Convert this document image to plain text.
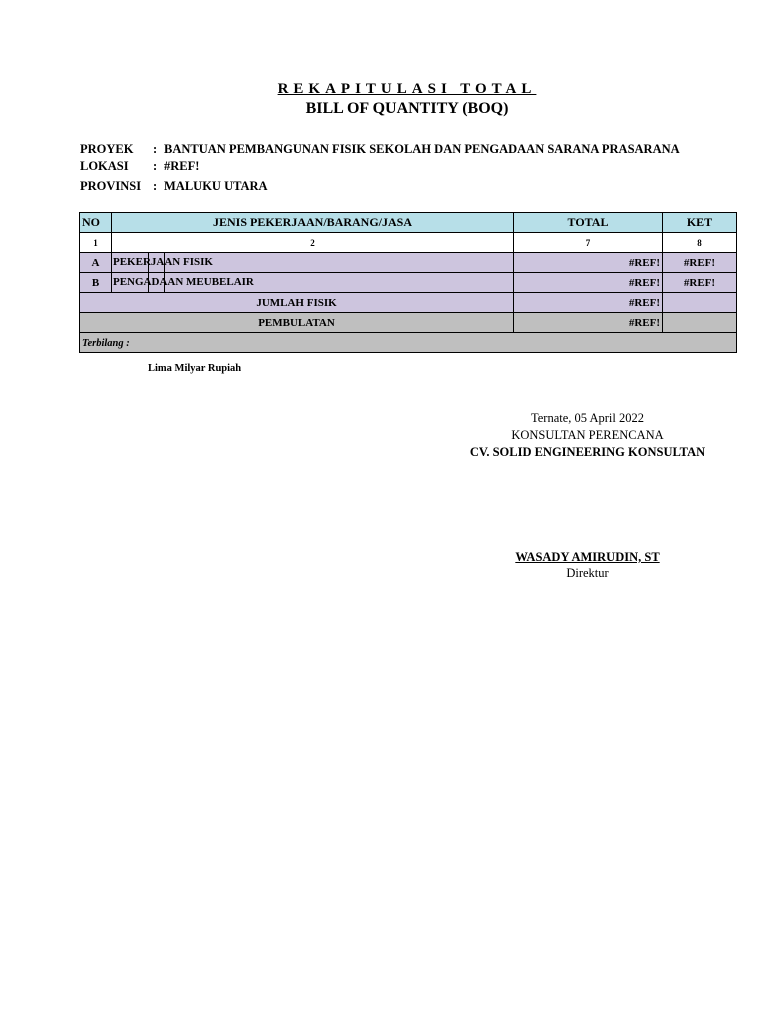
REKAPITULASI TOTAL
BILL OF QUANTITY (BOQ)
PROYEK : BANTUAN PEMBANGUNAN FISIK SEKOLAH DAN PENGADAAN SARANA PRASARANA
LOKASI : #REF!
PROVINSI : MALUKU UTARA
NO	JENIS PEKERJAAN/BARANG/JASA	TOTAL	KET
1	2	7	8
A	PEKERJAAN FISIK	#REF!	#REF!
B	PENGADAAN MEUBELAIR	#REF!	#REF!
JUMLAH FISIK		#REF!	
PEMBULATAN		#REF!	

Terbilang :
Lima Milyar Rupiah			
Ternate, 05 April 2022
KONSULTAN PERENCANA
CV. SOLID ENGINEERING KONSULTAN
WASADY AMIRUDIN, ST
Direktur
